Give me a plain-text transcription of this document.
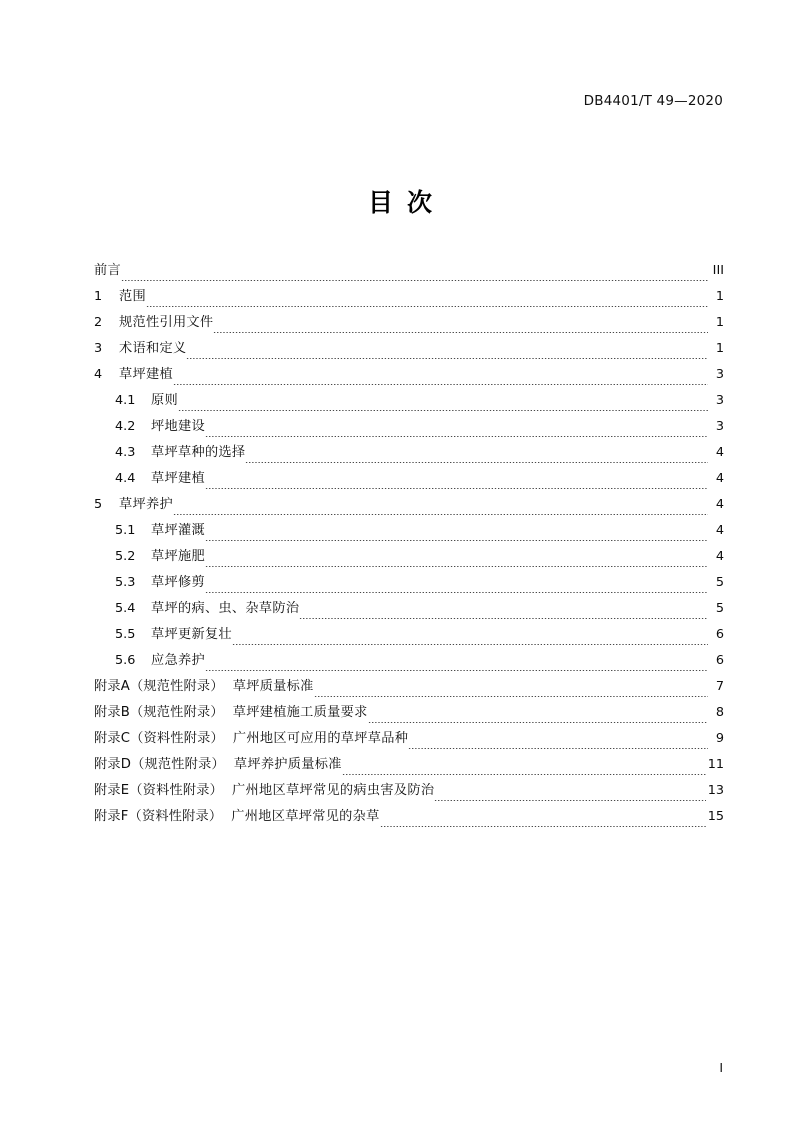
DB4401/T 49—2020
目次
前言	III
1	范围	1
2	规范性引用文件	1
3	术语和定义	1
4	草坪建植	3
4.1	原则	3
4.2	坪地建设	3
4.3	草坪草种的选择	4
4.4	草坪建植	4
5	草坪养护	4
5.1	草坪灌溉	4
5.2	草坪施肥	4
5.3	草坪修剪	5
5.4	草坪的病、虫、杂草防治	5
5.5	草坪更新复壮	6
5.6	应急养护	6
附录A（规范性附录） 草坪质量标准	7
附录B（规范性附录） 草坪建植施工质量要求	8
附录C（资料性附录） 广州地区可应用的草坪草品种	9
附录D（规范性附录） 草坪养护质量标准	11
附录E（资料性附录） 广州地区草坪常见的病虫害及防治	13
附录F（资料性附录） 广州地区草坪常见的杂草	15
I
